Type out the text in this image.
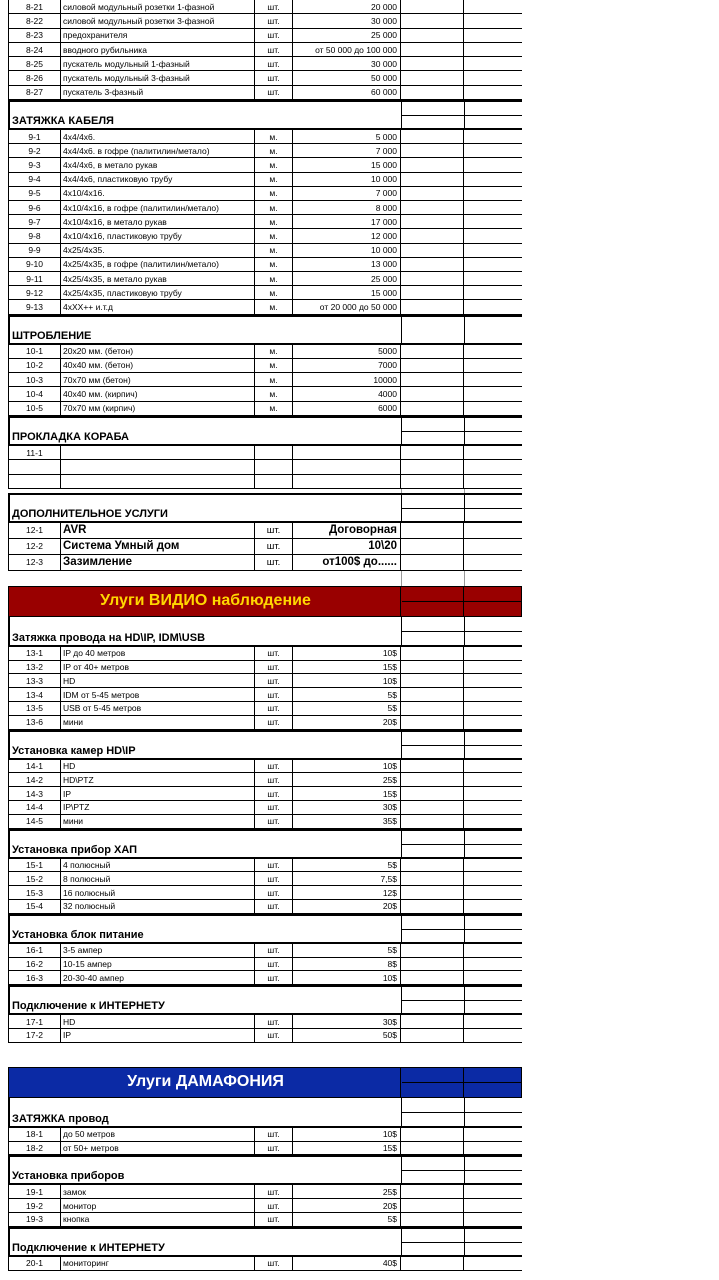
8-21	силовой модульный розетки 1-фазной	шт.	20 000
8-22	силовой модульный розетки 3-фазной	шт.	30 000
8-23	предохранителя	шт.	25 000
8-24	вводного рубильника	шт.	от 50 000 до 100 000
8-25	пускатель модульный 1-фазный	шт.	30 000
8-26	пускатель модульный 3-фазный	шт.	50 000
8-27	пускатель 3-фазный	шт.	60 000
ЗАТЯЖКА КАБЕЛЯ
9-1	4х4/4х6.	м.	5 000
9-2	4х4/4х6. в гофре (палитилин/метало)	м.	7 000
9-3	4х4/4х6, в метало рукав	м.	15 000
9-4	4х4/4х6, пластиковую трубу	м.	10 000
9-5	4х10/4х16.	м.	7 000
9-6	4х10/4х16, в гофре (палитилин/метало)	м.	8 000
9-7	4х10/4х16, в метало рукав	м.	17 000
9-8	4х10/4х16, пластиковую трубу	м.	12 000
9-9	4х25/4х35.	м.	10 000
9-10	4х25/4х35, в гофре (палитилин/метало)	м.	13 000
9-11	4х25/4х35, в метало рукав	м.	25 000
9-12	4х25/4х35, пластиковую трубу	м.	15 000
9-13	4хХХ++ и.т.д	м.	от 20 000 до 50 000
ШТРОБЛЕНИЕ
10-1	20х20 мм. (бетон)	м.	5000
10-2	40х40 мм. (бетон)	м.	7000
10-3	70х70 мм (бетон)	м.	10000
10-4	40х40 мм. (кирпич)	м.	4000
10-5	70х70 мм (кирпич)	м.	6000
ПРОКЛАДКА КОРАБА
11-1
ДОПОЛНИТЕЛЬНОЕ УСЛУГИ
12-1	AVR	шт.	Договорная
12-2	Система Умный дом	шт.	10\20
12-3	Зазимление	шт.	от100$ до......
Улуги ВИДИО наблюдение
Затяжка провода на HD\IP, IDM\USB
13-1	IP до 40 метров	шт.	10$
13-2	IP от 40+ метров	шт.	15$
13-3	HD	шт.	10$
13-4	IDM от 5-45 метров	шт.	5$
13-5	USB от 5-45 метров	шт.	5$
13-6	мини	шт.	20$
Установка камер HD\IP
14-1	HD	шт.	10$
14-2	HD\PTZ	шт.	25$
14-3	IP	шт.	15$
14-4	IP\PTZ	шт.	30$
14-5	мини	шт.	35$
Установка прибор ХАП
15-1	4 полюсный	шт.	5$
15-2	8 полюсный	шт.	7,5$
15-3	16 полюсный	шт.	12$
15-4	32 полюсный	шт.	20$
Установка блок питание
16-1	3-5 ампер	шт.	5$
16-2	10-15 ампер	шт.	8$
16-3	20-30-40 ампер	шт.	10$
Подключение к ИНТЕРНЕТУ
17-1	HD	шт.	30$
17-2	IP	шт.	50$
Улуги ДАМАФОНИЯ
ЗАТЯЖКА провод
18-1	до 50 метров	шт.	10$
18-2	от 50+ метров	шт.	15$
Установка приборов
19-1	замок	шт.	25$
19-2	монитор	шт.	20$
19-3	кнопка	шт.	5$
Подключение к ИНТЕРНЕТУ
20-1	мониторинг	шт.	40$
